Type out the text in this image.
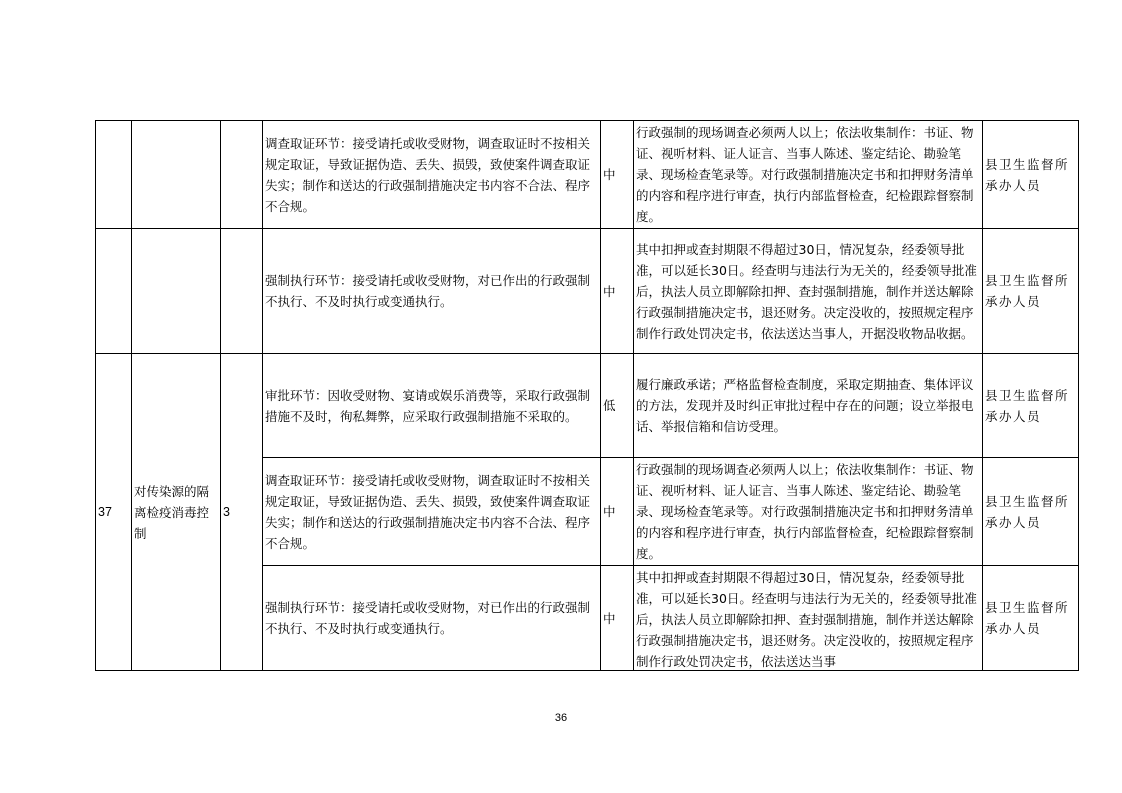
			调查取证环节：接受请托或收受财物，调查取证时不按相关规定取证，导致证据伪造、丢失、损毁，致使案件调查取证失实；制作和送达的行政强制措施决定书内容不合法、程序不合规。	中	行政强制的现场调查必须两人以上；依法收集制作：书证、物证、视听材料、证人证言、当事人陈述、鉴定结论、勘验笔录、现场检查笔录等。对行政强制措施决定书和扣押财务清单的内容和程序进行审查，执行内部监督检查，纪检跟踪督察制度。	县卫生监督所承办人员
			强制执行环节：接受请托或收受财物，对已作出的行政强制不执行、不及时执行或变通执行。	中	其中扣押或查封期限不得超过30日，情况复杂，经委领导批准，可以延长30日。经查明与违法行为无关的，经委领导批准后，执法人员立即解除扣押、查封强制措施，制作并送达解除行政强制措施决定书，退还财务。决定没收的，按照规定程序制作行政处罚决定书，依法送达当事人，开据没收物品收据。	县卫生监督所承办人员
37	对传染源的隔离检疫消毒控制	3	审批环节：因收受财物、宴请或娱乐消费等，采取行政强制措施不及时，徇私舞弊，应采取行政强制措施不采取的。	低	履行廉政承诺；严格监督检查制度，采取定期抽查、集体评议的方法，发现并及时纠正审批过程中存在的问题；设立举报电话、举报信箱和信访受理。	县卫生监督所承办人员
			调查取证环节：接受请托或收受财物，调查取证时不按相关规定取证，导致证据伪造、丢失、损毁，致使案件调查取证失实；制作和送达的行政强制措施决定书内容不合法、程序不合规。	中	行政强制的现场调查必须两人以上；依法收集制作：书证、物证、视听材料、证人证言、当事人陈述、鉴定结论、勘验笔录、现场检查笔录等。对行政强制措施决定书和扣押财务清单的内容和程序进行审查，执行内部监督检查，纪检跟踪督察制度。	县卫生监督所承办人员
			强制执行环节：接受请托或收受财物，对已作出的行政强制不执行、不及时执行或变通执行。	中	其中扣押或查封期限不得超过30日，情况复杂，经委领导批准，可以延长30日。经查明与违法行为无关的，经委领导批准后，执法人员立即解除扣押、查封强制措施，制作并送达解除行政强制措施决定书，退还财务。决定没收的，按照规定程序制作行政处罚决定书，依法送达当事	县卫生监督所承办人员
36
